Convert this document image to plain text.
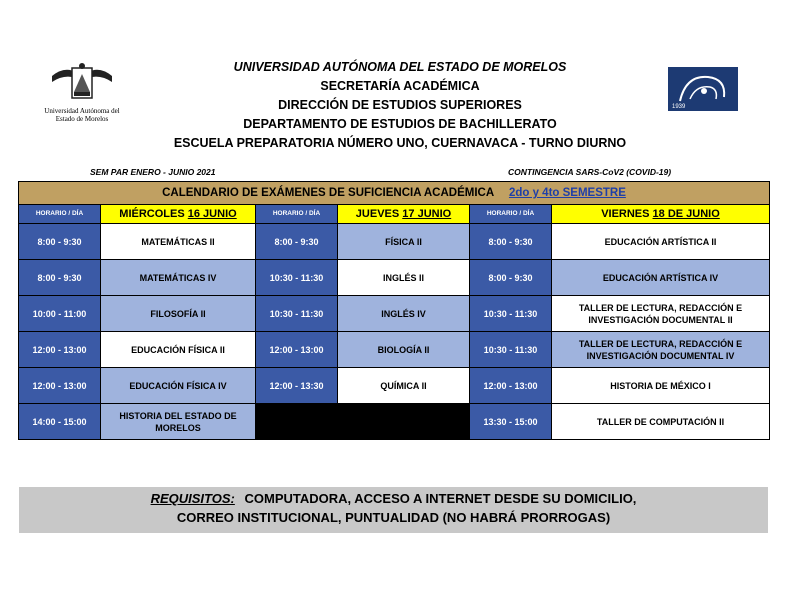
Universidad Autónoma del
Estado de Morelos
1939
UNIVERSIDAD AUTÓNOMA DEL ESTADO DE MORELOS
SECRETARÍA ACADÉMICA
DIRECCIÓN DE ESTUDIOS SUPERIORES
DEPARTAMENTO DE ESTUDIOS DE BACHILLERATO
ESCUELA PREPARATORIA NÚMERO UNO, CUERNAVACA - TURNO DIURNO
SEM PAR ENERO - JUNIO 2021	CONTINGENCIA SARS-CoV2 (COVID-19)
CALENDARIO DE EXÁMENES DE SUFICIENCIA ACADÉMICA 2do y 4to SEMESTRE					
HORARIO / DÍA	MIÉRCOLES 16 JUNIO	HORARIO / DÍA	JUEVES 17 JUNIO	HORARIO / DÍA	VIERNES 18 DE JUNIO
8:00 - 9:30	MATEMÁTICAS II	8:00 - 9:30	FÍSICA II	8:00 - 9:30	EDUCACIÓN ARTÍSTICA II
8:00 - 9:30	MATEMÁTICAS IV	10:30 - 11:30	INGLÉS II	8:00 - 9:30	EDUCACIÓN ARTÍSTICA IV
10:00 - 11:00	FILOSOFÍA II	10:30 - 11:30	INGLÉS IV	10:30 - 11:30	TALLER DE LECTURA, REDACCIÓN E INVESTIGACIÓN DOCUMENTAL II
12:00 - 13:00	EDUCACIÓN FÍSICA II	12:00 - 13:00	BIOLOGÍA II	10:30 - 11:30	TALLER DE LECTURA, REDACCIÓN E INVESTIGACIÓN DOCUMENTAL IV
12:00 - 13:00	EDUCACIÓN FÍSICA IV	12:00 - 13:30	QUÍMICA II	12:00 - 13:00	HISTORIA DE MÉXICO I
14:00 - 15:00	HISTORIA DEL ESTADO DE MORELOS			13:30 - 15:00	TALLER DE COMPUTACIÓN II
REQUISITOS: COMPUTADORA, ACCESO A INTERNET DESDE SU DOMICILIO,
CORREO INSTITUCIONAL, PUNTUALIDAD (NO HABRÁ PRORROGAS)
